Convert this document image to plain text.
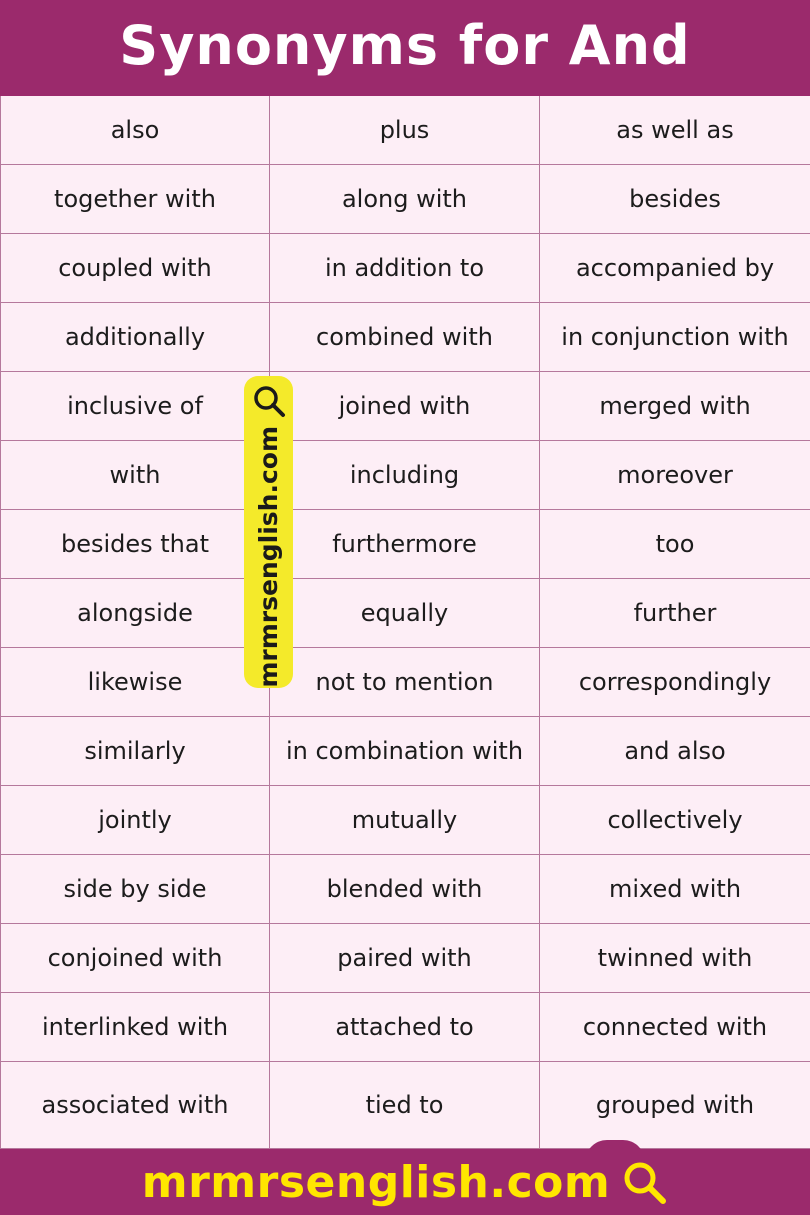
Synonyms for And
also	plus	as well as
together with	along with	besides
coupled with	in addition to	accompanied by
additionally	combined with	in conjunction with
inclusive of	joined with	merged with
with	including	moreover
besides that	furthermore	too
alongside	equally	further
likewise	not to mention	correspondingly
similarly	in combination with	and also
jointly	mutually	collectively
side by side	blended with	mixed with
conjoined with	paired with	twinned with
interlinked with	attached to	connected with
associated with	tied to	grouped with
mrmrsenglish.com
mrmrsenglish.com
